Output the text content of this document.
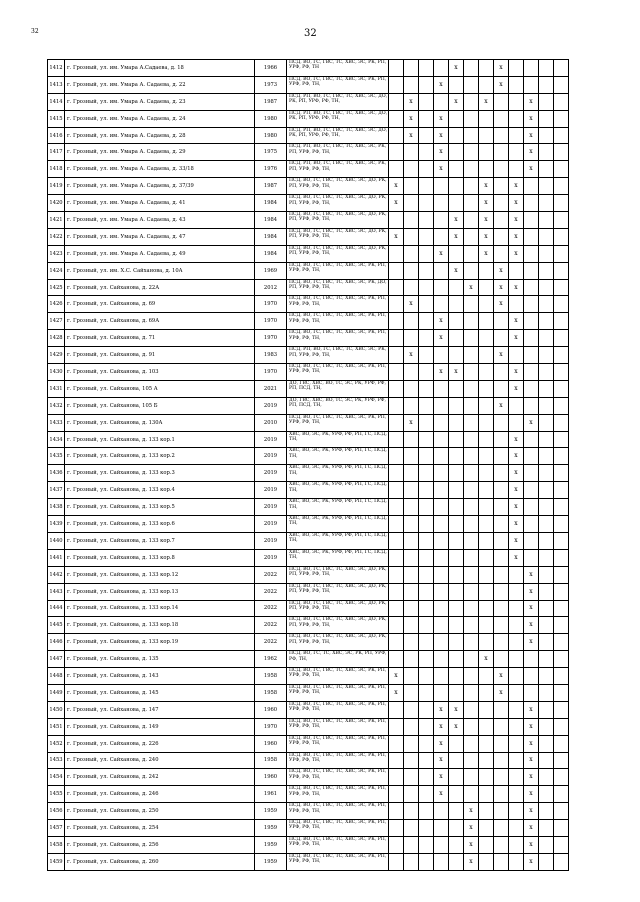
32	32
1412	г. Грозный, ул. им. Умара А.Садаева, д. 18	1966	ПСД, ВО, ГС, ГВС, ТС, ХВС, ЭС, РК, РП, УРФ, РФ, ТН					x			x				
1413	г. Грозный, ул. им. Умара А. Садаева, д. 22	1973	ПСД, ВО, ГС, ГВС, ТС, ХВС, ЭС, РК, РП, УРФ, РФ, ТН,				x				x				
1414	г. Грозный, ул. им. Умара А. Садаева, д. 23	1987	ПСД, РП, ВО, ГС, ГВС, ТС, ХВС, ЭС, ДО, РК, РП, УРФ, РФ, ТН,		x			x		x			x		
1415	г. Грозный, ул. им. Умара А. Садаева, д. 24	1980	ПСД, РП, ВО, ГС, ГВС, ТС, ХВС, ЭС, ДО, РК, РП, УРФ, РФ, ТН,		x		x						x		
1416	г. Грозный, ул. им. Умара А. Садаева, д. 28	1980	ПСД, РП, ВО, ГС, ГВС, ТС, ХВС, ЭС, ДО, РК, РП, УРФ, РФ, ТН,		x		x						x		
1417	г. Грозный, ул. им. Умара А. Садаева, д. 29	1975	ПСД, РП, ВО, ГС, ГВС, ТС, ХВС, ЭС, РК, РП, УРФ, РФ, ТН,				x						x		
1418	г. Грозный, ул. им. Умара А. Садаева, д. 33/18	1976	ПСД, РП, ВО, ГС, ГВС, ТС, ХВС, ЭС, РК, РП, УРФ, РФ, ТН,				x						x		
1419	г. Грозный, ул. им. Умара А. Садаева, д. 37/39	1987	ПСД, ВО, ГС, ГВС, ТС, ХВС, ЭС, ДО, РК, РП, УРФ, РФ, ТН,	x						x		x			
1420	г. Грозный, ул. им. Умара А. Садаева, д. 41	1984	ПСД, ВО, ГС, ГВС, ТС, ХВС, ЭС, ДО, РК, РП, УРФ, РФ, ТН,	x						x		x			
1421	г. Грозный, ул. им. Умара А. Садаева, д. 43	1984	ПСД, ВО, ГС, ГВС, ТС, ХВС, ЭС, ДО, РК, РП, УРФ, РФ, ТН,					x		x		x			
1422	г. Грозный, ул. им. Умара А. Садаева, д. 47	1984	ПСД, ВО, ГС, ГВС, ТС, ХВС, ЭС, ДО, РК, РП, УРФ, РФ, ТН,	x				x		x		x			
1423	г. Грозный, ул. им. Умара А. Садаева, д. 49	1984	ПСД, ВО, ГС, ГВС, ТС, ХВС, ЭС, ДО, РК, РП, УРФ, РФ, ТН,				x			x		x			
1424	г. Грозный, ул. им. Х.С. Сайханова, д. 10А	1969	ПСД, ВО, ГС, ГВС, ТС, ХВС, ЭС, РК, РП, УРФ, РФ, ТН,					x			x				
1425	г. Грозный, ул. Сайханова, д. 22А	2012	ПСД, ВО, ГС, ГВС, ТС, ХВС, ЭС, РК, ДО, РП, УРФ, РФ, ТН,						x		x	x			
1426	г. Грозный, ул. Сайханова, д. 69	1970	ПСД, ВО, ГС, ГВС, ТС, ХВС, ЭС, РК, РП, УРФ, РФ, ТН,		x						x				
1427	г. Грозный, ул. Сайханова, д. 69А	1970	ПСД, ВО, ГС, ГВС, ТС, ХВС, ЭС, РК, РП, УРФ, РФ, ТН,				x					x			
1428	г. Грозный, ул. Сайханова, д. 71	1970	ПСД, ВО, ГС, ГВС, ТС, ХВС, ЭС, РК, РП, УРФ, РФ, ТН,				x					x			
1429	г. Грозный, ул. Сайханова, д. 91	1983	ПСД, РП, ВО, ГС, ГВС, ТС, ХВС, ЭС, РК, РП, УРФ, РФ, ТН,		x						x				
1430	г. Грозный, ул. Сайханова, д. 103	1970	ПСД, ВО, ГС, ГВС, ТС, ХВС, ЭС, РК, РП, УРФ, РФ, ТН,				x	x				x			
1431	г. Грозный, ул. Сайханова, 105 А	2021	ДО, ГВС, ХВС, ВО, ТС, ЭС, РК, УРФ, РФ, РП, ПСД, ТН,									x			
1432	г. Грозный, ул. Сайханова, 105 Б	2019	ДО, ГВС, ХВС, ВО, ТС, ЭС, РК, УРФ, РФ, РП, ПСД, ТН,								x				
1433	г. Грозный, ул. Сайханова, д. 130А	2010	ПСД, ВО, ГС, ГВС, ТС, ХВС, ЭС, РК, РП, УРФ, РФ, ТН,		x								x		
1434	г. Грозный, ул. Сайханова, д. 133 кор.1	2019	ХВС, ВО, ЭС, РК, УРФ, РФ, РП, ГС, ПСД, ТН,									x			
1435	г. Грозный, ул. Сайханова, д. 133 кор.2	2019	ХВС, ВО, ЭС, РК, УРФ, РФ, РП, ГС, ПСД, ТН,									x			
1436	г. Грозный, ул. Сайханова, д. 133 кор.3	2019	ХВС, ВО, ЭС, РК, УРФ, РФ, РП, ГС, ПСД, ТН,									x			
1437	г. Грозный, ул. Сайханова, д. 133 кор.4	2019	ХВС, ВО, ЭС, РК, УРФ, РФ, РП, ГС, ПСД, ТН,									x			
1438	г. Грозный, ул. Сайханова, д. 133 кор.5	2019	ХВС, ВО, ЭС, РК, УРФ, РФ, РП, ГС, ПСД, ТН,									x			
1439	г. Грозный, ул. Сайханова, д. 133 кор.6	2019	ХВС, ВО, ЭС, РК, УРФ, РФ, РП, ГС, ПСД, ТН,									x			
1440	г. Грозный, ул. Сайханова, д. 133 кор.7	2019	ХВС, ВО, ЭС, РК, УРФ, РФ, РП, ГС, ПСД, ТН,									x			
1441	г. Грозный, ул. Сайханова, д. 133 кор.8	2019	ХВС, ВО, ЭС, РК, УРФ, РФ, РП, ГС, ПСД, ТН,									x			
1442	г. Грозный, ул. Сайханова, д. 133 кор.12	2022	ПСД, ВО, ГС, ГВС, ТС, ХВС, ЭС, ДО, РК, РП, УРФ, РФ, ТН,										x		
1443	г. Грозный, ул. Сайханова, д. 133 кор.13	2022	ПСД, ВО, ГС, ГВС, ТС, ХВС, ЭС, ДО, РК, РП, УРФ, РФ, ТН,										x		
1444	г. Грозный, ул. Сайханова, д. 133 кор.14	2022	ПСД, ВО, ГС, ГВС, ТС, ХВС, ЭС, ДО, РК, РП, УРФ, РФ, ТН,										x		
1445	г. Грозный, ул. Сайханова, д. 133 кор.18	2022	ПСД, ВО, ГС, ГВС, ТС, ХВС, ЭС, ДО, РК, РП, УРФ, РФ, ТН,										x		
1446	г. Грозный, ул. Сайханова, д. 133 кор.19	2022	ПСД, ВО, ГС, ГВС, ТС, ХВС, ЭС, ДО, РК, РП, УРФ, РФ, ТН,										x		
1447	г. Грозный, ул. Сайханова, д. 135	1962	ПСД, ВО, ГС, ТС, ХВС, ЭС, РК, РП, УРФ, РФ, ТН,							x					
1448	г. Грозный, ул. Сайханова, д. 143	1958	ПСД, ВО, ГС, ГВС, ТС, ХВС, ЭС, РК, РП, УРФ, РФ, ТН,	x							x				
1449	г. Грозный, ул. Сайханова, д. 145	1958	ПСД, ВО, ГС, ГВС, ТС, ХВС, ЭС, РК, РП, УРФ, РФ, ТН,	x							x				
1450	г. Грозный, ул. Сайханова, д. 147	1960	ПСД, ВО, ГС, ГВС, ТС, ХВС, ЭС, РК, РП, УРФ, РФ, ТН,				x	x					x		
1451	г. Грозный, ул. Сайханова, д. 149	1970	ПСД, ВО, ГС, ГВС, ТС, ХВС, ЭС, РК, РП, УРФ, РФ, ТН,				x	x					x		
1452	г. Грозный, ул. Сайханова, д. 226	1960	ПСД, ВО, ГС, ГВС, ТС, ХВС, ЭС, РК, РП, УРФ, РФ, ТН,				x						x		
1453	г. Грозный, ул. Сайханова, д. 240	1958	ПСД, ВО, ГС, ГВС, ТС, ХВС, ЭС, РК, РП, УРФ, РФ, ТН,				x						x		
1454	г. Грозный, ул. Сайханова, д. 242	1960	ПСД, ВО, ГС, ГВС, ТС, ХВС, ЭС, РК, РП, УРФ, РФ, ТН,				x						x		
1455	г. Грозный, ул. Сайханова, д. 246	1961	ПСД, ВО, ГС, ГВС, ТС, ХВС, ЭС, РК, РП, УРФ, РФ, ТН,				x						x		
1456	г. Грозный, ул. Сайханова, д. 250	1959	ПСД, ВО, ГС, ГВС, ТС, ХВС, ЭС, РК, РП, УРФ, РФ, ТН,						x				x		
1457	г. Грозный, ул. Сайханова, д. 254	1959	ПСД, ВО, ГС, ГВС, ТС, ХВС, ЭС, РК, РП, УРФ, РФ, ТН,						x				x		
1458	г. Грозный, ул. Сайханова, д. 256	1959	ПСД, ВО, ГС, ГВС, ТС, ХВС, ЭС, РК, РП, УРФ, РФ, ТН,						x				x		
1459	г. Грозный, ул. Сайханова, д. 260	1959	ПСД, ВО, ГС, ГВС, ТС, ХВС, ЭС, РК, РП, УРФ, РФ, ТН,						x				x		
